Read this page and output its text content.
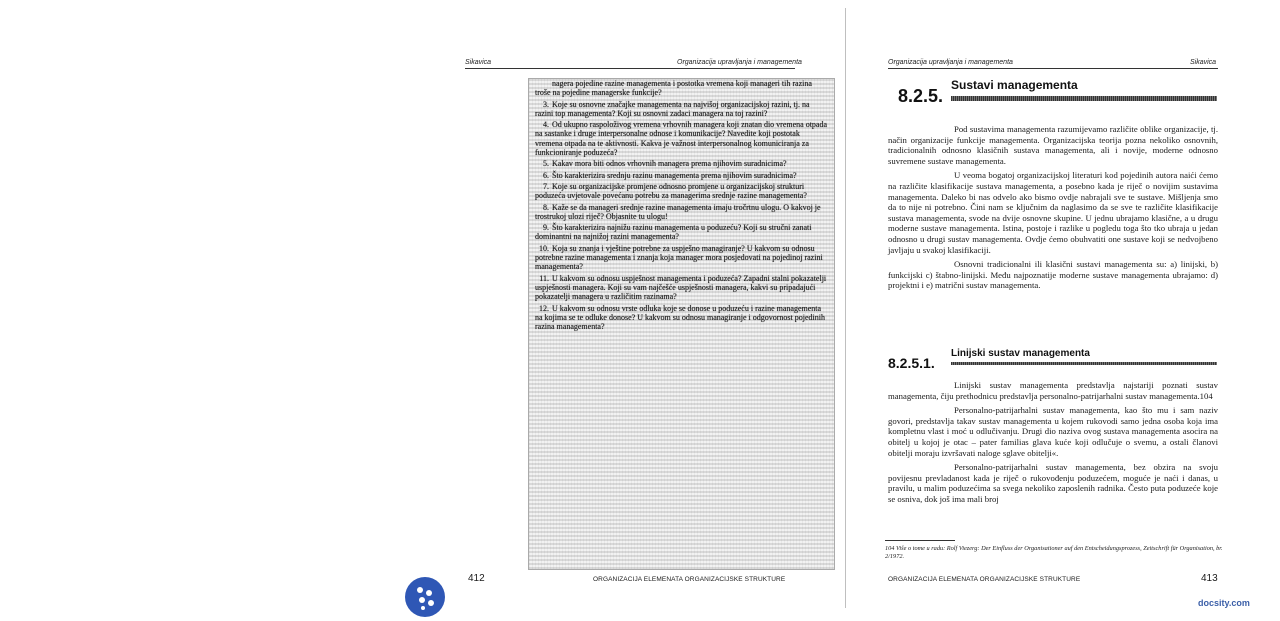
Sikavica	Organizacija upravljanja i managementa
nagera pojedine razine managementa i postotka vremena koji manageri tih razina troše na pojedine managerske funkcije?
3. Koje su osnovne značajke managementa na najvišoj organizacijskoj razini, tj. na razini top managementa? Koji su osnovni zadaci managera na toj razini?
4. Od ukupno raspoloživog vremena vrhovnih managera koji znatan dio vremena otpada na sastanke i druge interpersonalne odnose i komunikacije? Navedite koji postotak vremena otpada na te aktivnosti. Kakva je važnost interpersonalnog komuniciranja za funkcioniranje poduzeća?
5. Kakav mora biti odnos vrhovnih managera prema njihovim suradnicima?
6. Što karakterizira srednju razinu managementa prema njihovim suradnicima?
7. Koje su organizacijske promjene odnosno promjene u organizacijskoj strukturi poduzeća uvjetovale povećanu potrebu za managerima srednje razine managementa?
8. Kaže se da manageri srednje razine managementa imaju tročrtnu ulogu. O kakvoj je trostrukoj ulozi riječ? Objasnite tu ulogu!
9. Što karakterizira najnižu razinu managementa u poduzeću? Koji su stručni zanati dominantni na najnižoj razini managementa?
10. Koja su znanja i vještine potrebne za uspješno managiranje? U kakvom su odnosu potrebne razine managementa i znanja koja manager mora posjedovati na pojedinoj razini managementa?
11. U kakvom su odnosu uspješnost managementa i poduzeća? Zapadni stalni pokazatelji uspješnosti managera. Koji su vam najčešće uspješnosti managera, kakvi su pripadajući pokazatelji managera u različitim razinama?
12. U kakvom su odnosu vrste odluka koje se donose u poduzeću i razine managementa na kojima se te odluke donose? U kakvom su odnosu managiranje i odgovornost pojedinih razina managementa?
412	ORGANIZACIJA ELEMENATA ORGANIZACIJSKE STRUKTURE
Organizacija upravljanja i managementa	Sikavica
8.2.5.
Sustavi managementa

Pod sustavima managementa razumijevamo različite oblike organizacije, tj. način organizacije funkcije managementa. Organizacijska teorija pozna nekoliko osnovnih, tradicionalnih odnosno klasičnih sustava managementa, ali i novije, moderne odnosno suvremene sustave managementa.

U veoma bogatoj organizacijskoj literaturi kod pojedinih autora naići ćemo na različite klasifikacije sustava managementa, a posebno kada je riječ o novijim sustavima managementa. Daleko bi nas odvelo ako bismo ovdje nabrajali sve te sustave. Mišljenja smo da to nije ni potrebno. Čini nam se ključnim da naglasimo da se sve te različite klasifikacije sustava managementa, svode na dvije osnovne skupine. U jednu ubrajamo klasične, a u drugu moderne sustave managementa. Istina, postoje i razlike u pogledu toga što tko ubraja u jedan odnosno u drugi sustav managementa. Ovdje ćemo obuhvatiti one sustave koji se nedvojbeno javljaju u svakoj klasifikaciji.

Osnovni tradicionalni ili klasični sustavi managementa su: a) linijski, b) funkcijski c) štabno-linijski. Među najpoznatije moderne sustave managementa ubrajamo: d) projektni i e) matrični sustav managementa.

8.2.5.1.
Linijski sustav managementa

Linijski sustav managementa predstavlja najstariji poznati sustav managementa, čiju prethodnicu predstavlja personalno-patrijarhalni sustav managementa.104

Personalno-patrijarhalni sustav managementa, kao što mu i sam naziv govori, predstavlja takav sustav managementa u kojem rukovodi samo jedna osoba koja ima kompletnu vlast i moć u odlučivanju. Drugi dio naziva ovog sustava managementa asocira na obitelj u kojoj je otac – pater familias glava kuće koji odlučuje o svemu, a ostali članovi obitelji moraju izvršavati naloge sglave obitelji«.

Personalno-patrijarhalni sustav managementa, bez obzira na svoju povijesnu prevladanost kada je riječ o rukovođenju poduzećem, moguće je naći i danas, u pravilu, u malim poduzećima sa svega nekoliko zaposlenih radnika. Često puta poduzeće koje se osniva, dok još ima mali broj

104 Više o tome u radu: Rolf Viezerg: Der Einfluss der Organisationer auf den Entscheidungsprozess, Zeitschrift für Organisation, br. 2/1972.
ORGANIZACIJA ELEMENATA ORGANIZACIJSKE STRUKTURE	413
docsity.com
